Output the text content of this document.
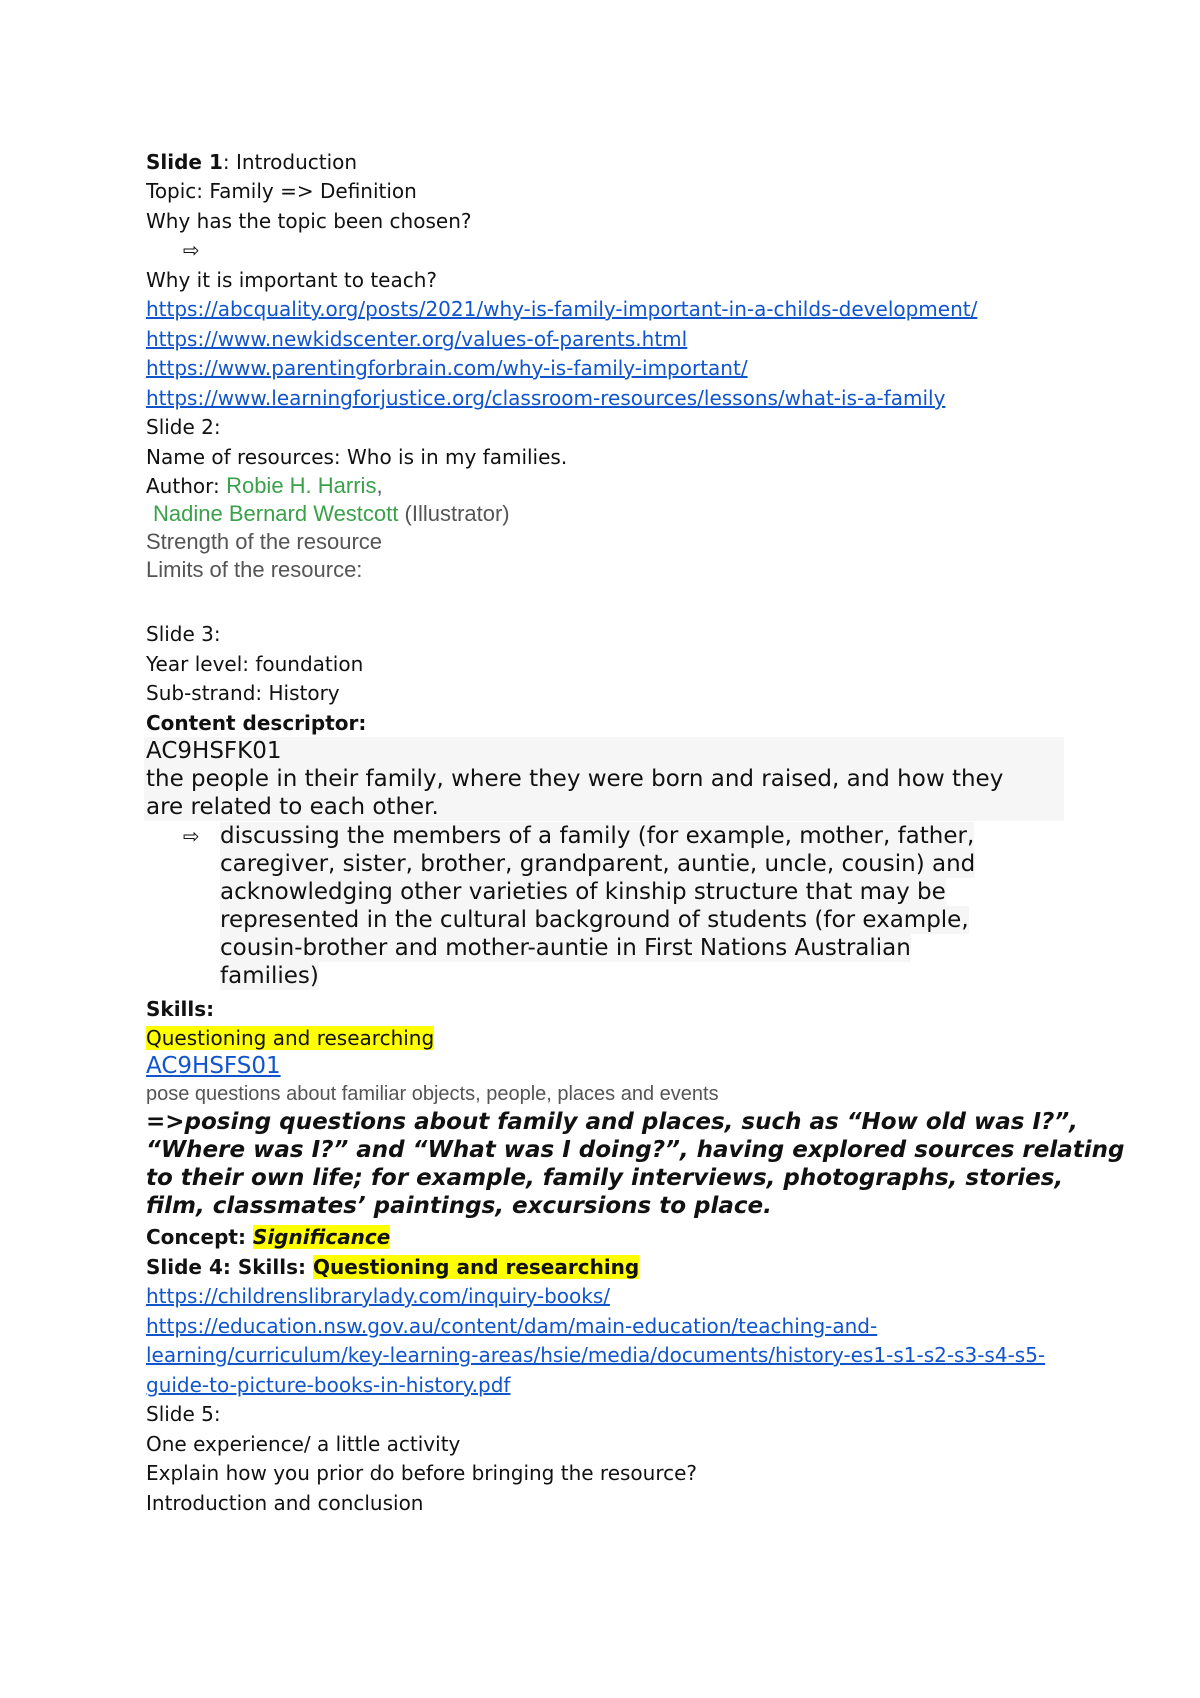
Slide 1: Introduction
Topic: Family => Definition
Why has the topic been chosen?
⇨
Why it is important to teach?
https://abcquality.org/posts/2021/why-is-family-important-in-a-childs-development/
https://www.newkidscenter.org/values-of-parents.html
https://www.parentingforbrain.com/why-is-family-important/
https://www.learningforjustice.org/classroom-resources/lessons/what-is-a-family
Slide 2:
Name of resources: Who is in my families.
Author: Robie H. Harris,
Nadine Bernard Westcott (Illustrator)
Strength of the resource
Limits of the resource:
Slide 3:
Year level: foundation
Sub-strand: History
Content descriptor:
AC9HSFK01
the people in their family, where they were born and raised, and how they
are related to each other.
⇨ discussing the members of a family (for example, mother, father,
caregiver, sister, brother, grandparent, auntie, uncle, cousin) and
acknowledging other varieties of kinship structure that may be
represented in the cultural background of students (for example,
cousin-brother and mother-auntie in First Nations Australian
families)
Skills:
Questioning and researching
AC9HSFS01
pose questions about familiar objects, people, places and events
=>posing questions about family and places, such as “How old was I?”,
“Where was I?” and “What was I doing?”, having explored sources relating
to their own life; for example, family interviews, photographs, stories,
film, classmates’ paintings, excursions to place.
Concept: Significance
Slide 4: Skills: Questioning and researching
https://childrenslibrarylady.com/inquiry-books/
https://education.nsw.gov.au/content/dam/main-education/teaching-and-
learning/curriculum/key-learning-areas/hsie/media/documents/history-es1-s1-s2-s3-s4-s5-
guide-to-picture-books-in-history.pdf
Slide 5:
One experience/ a little activity
Explain how you prior do before bringing the resource?
Introduction and conclusion
